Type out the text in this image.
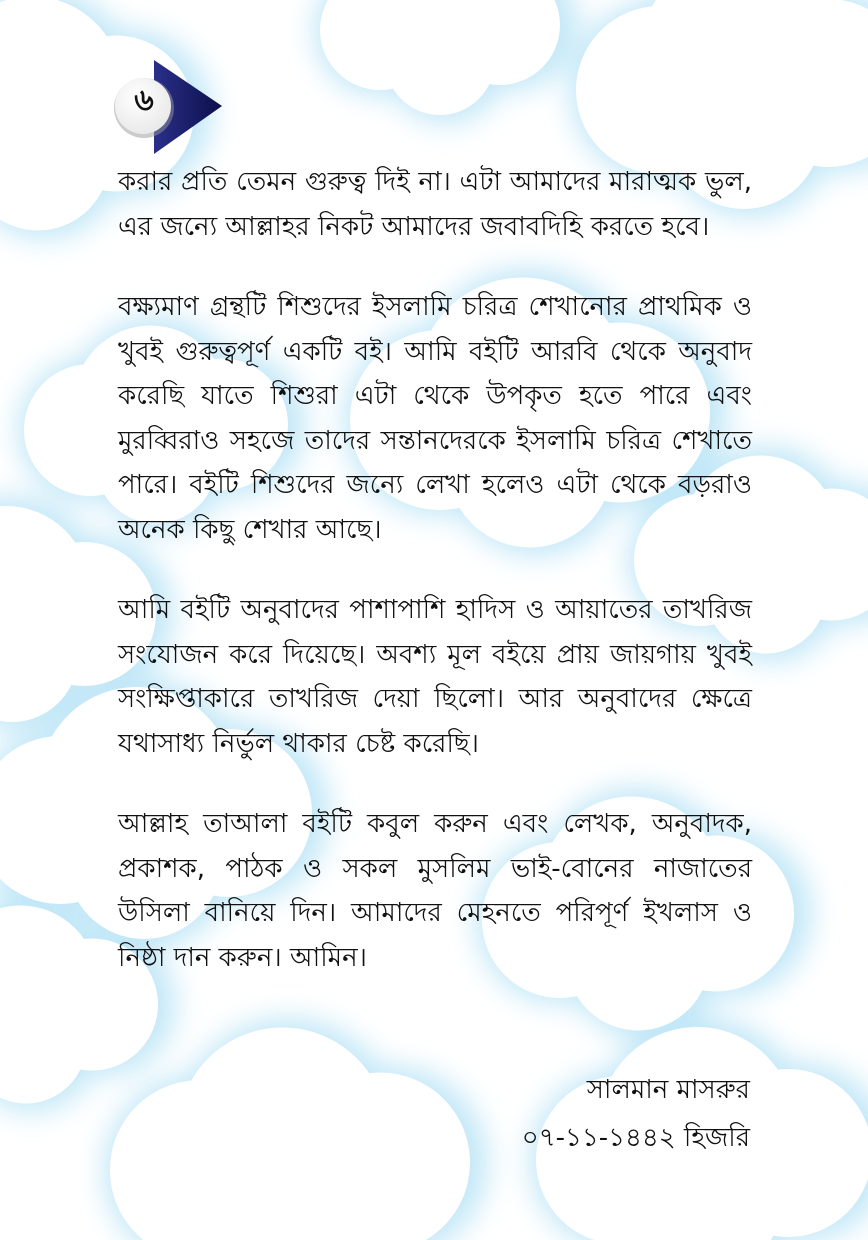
৬

করার প্রতি তেমন গুরুত্ব দিই না। এটা আমাদের মারাত্মক ভুল, এর জন্যে আল্লাহর নিকট আমাদের জবাবদিহি করতে হবে।

বক্ষ্যমাণ গ্রন্থটি শিশুদের ইসলামি চরিত্র শেখানোর প্রাথমিক ও খুবই গুরুত্বপূর্ণ একটি বই। আমি বইটি আরবি থেকে অনুবাদ করেছি যাতে শিশুরা এটা থেকে উপকৃত হতে পারে এবং মুরব্বিরাও সহজে তাদের সন্তানদেরকে ইসলামি চরিত্র শেখাতে পারে। বইটি শিশুদের জন্যে লেখা হলেও এটা থেকে বড়রাও অনেক কিছু শেখার আছে।

আমি বইটি অনুবাদের পাশাপাশি হাদিস ও আয়াতের তাখরিজ সংযোজন করে দিয়েছে। অবশ্য মূল বইয়ে প্রায় জায়গায় খুবই সংক্ষিপ্তাকারে তাখরিজ দেয়া ছিলো। আর অনুবাদের ক্ষেত্রে যথাসাধ্য নির্ভুল থাকার চেষ্ট করেছি।

আল্লাহ তাআলা বইটি কবুল করুন এবং লেখক, অনুবাদক, প্রকাশক, পাঠক ও সকল মুসলিম ভাই-বোনের নাজাতের উসিলা বানিয়ে দিন। আমাদের মেহনতে পরিপূর্ণ ইখলাস ও নিষ্ঠা দান করুন। আমিন।

সালমান মাসরুর
০৭-১১-১৪৪২ হিজরি
